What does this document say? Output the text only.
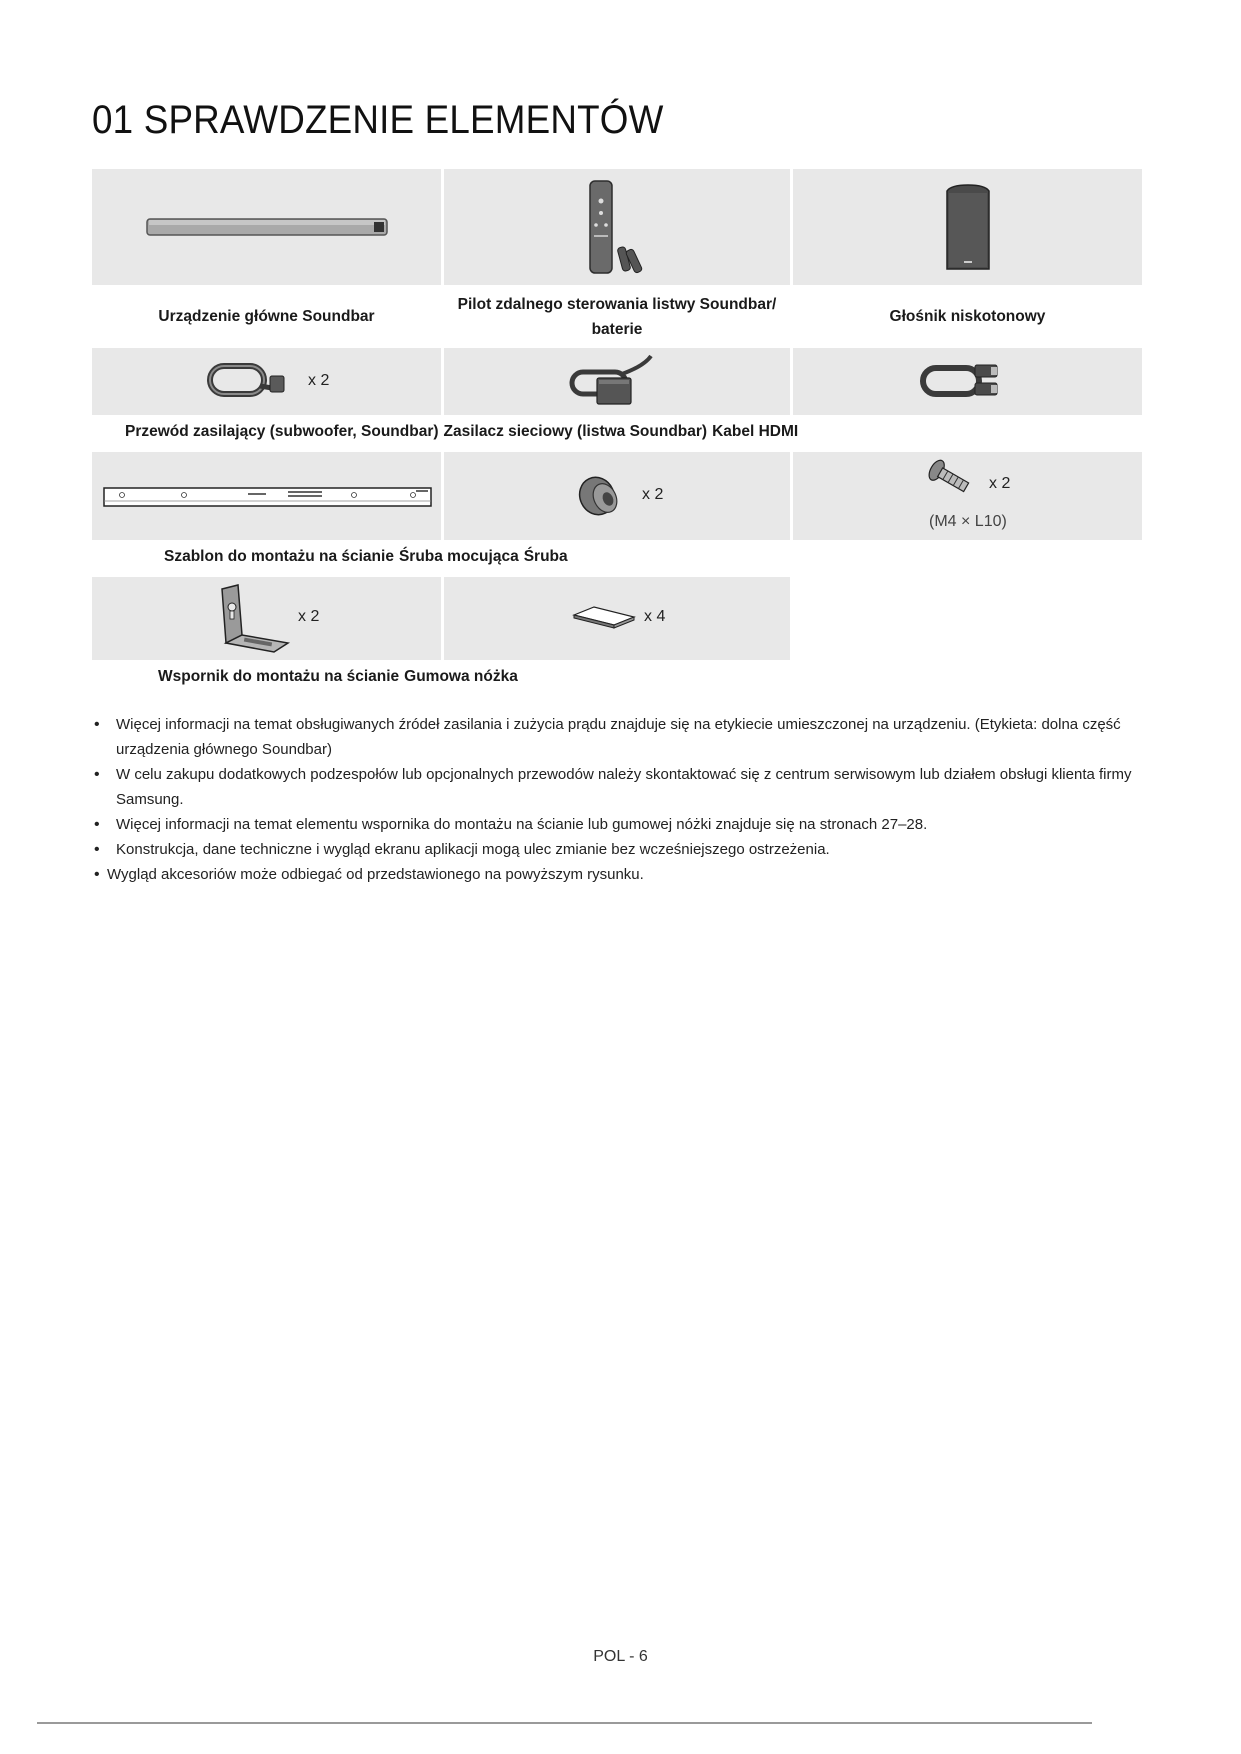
01 SPRAWDZENIE ELEMENTÓW
Urządzenie główne Soundbar
Pilot zdalnego sterowania listwy Soundbar/
baterie
Głośnik niskotonowy
x 2
Przewód zasilający (subwoofer, Soundbar) Zasilacz sieciowy (listwa Soundbar) Kabel HDMI
x 2
x 2
(M4 × L10)
Szablon do montażu na ścianie Śruba mocująca Śruba
x 2	x 4
Wspornik do montażu na ścianie Gumowa nóżka
• Więcej informacji na temat obsługiwanych źródeł zasilania i zużycia prądu znajduje się na etykiecie umieszczonej na urządzeniu. (Etykieta: dolna część urządzenia głównego Soundbar)
• W celu zakupu dodatkowych podzespołów lub opcjonalnych przewodów należy skontaktować się z centrum serwisowym lub działem obsługi klienta firmy Samsung.
• Więcej informacji na temat elementu wspornika do montażu na ścianie lub gumowej nóżki znajduje się na stronach 27–28.
• Konstrukcja, dane techniczne i wygląd ekranu aplikacji mogą ulec zmianie bez wcześniejszego ostrzeżenia.
• Wygląd akcesoriów może odbiegać od przedstawionego na powyższym rysunku.
POL - 6
